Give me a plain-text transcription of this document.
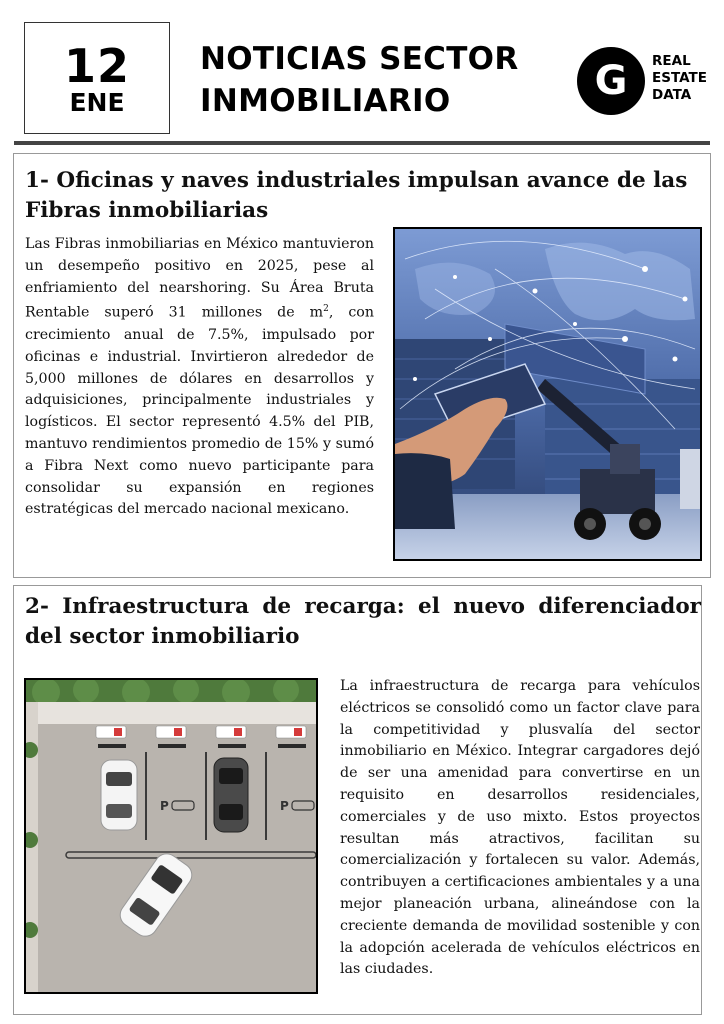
12
ENE
NOTICIAS SECTOR
INMOBILIARIO	G REAL
ESTATE
DATA
1- Oficinas y naves industriales impulsan avance de las Fibras inmobiliarias

Las Fibras inmobiliarias en México mantuvieron un desempeño positivo en 2025, pese al enfriamiento del nearshoring. Su Área Bruta Rentable superó 31 millones de $m^2$, con crecimiento anual de 7.5%, impulsado por oficinas e industrial. Invirtieron alrededor de 5,000 millones de dólares en desarrollos y adquisiciones, principalmente industriales y logísticos. El sector representó 4.5% del PIB, mantuvo rendimientos promedio de 15% y sumó a Fibra Next como nuevo participante para consolidar su expansión en regiones estratégicas del mercado nacional mexicano.

2- Infraestructura de recarga: el nuevo diferenciador del sector inmobiliario
P	P

La infraestructura de recarga para vehículos eléctricos se consolidó como un factor clave para la competitividad y plusvalía del sector inmobiliario en México. Integrar cargadores dejó de ser una amenidad para convertirse en un requisito en desarrollos residenciales, comerciales y de uso mixto. Estos proyectos resultan más atractivos, facilitan su comercialización y fortalecen su valor. Además, contribuyen a certificaciones ambientales y a una mejor planeación urbana, alineándose con la creciente demanda de movilidad sostenible y con la adopción acelerada de vehículos eléctricos en las ciudades.
